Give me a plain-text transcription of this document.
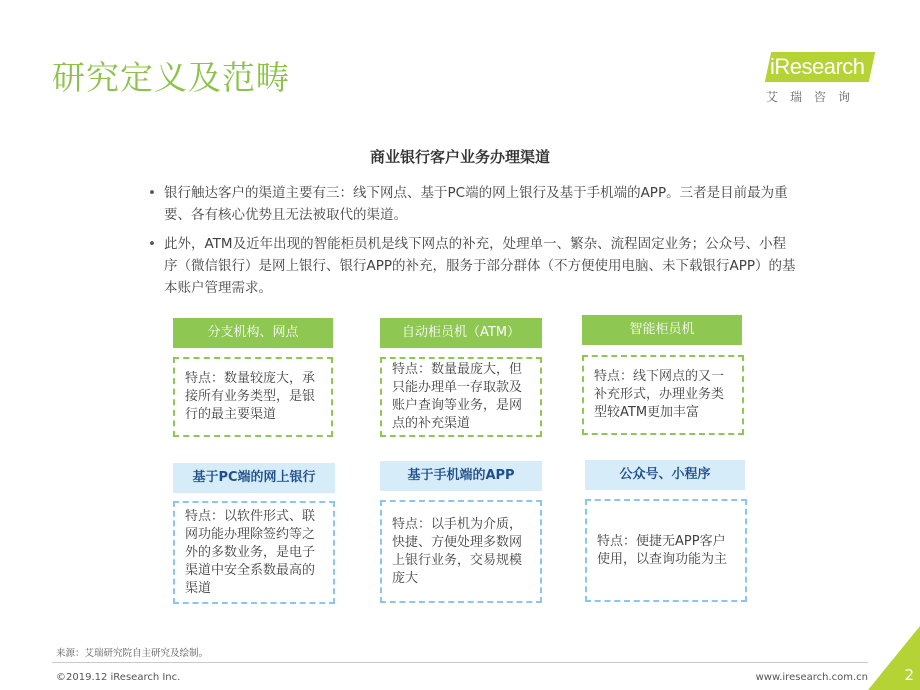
研究定义及范畴	iResearch
艾瑞咨询
商业银行客户业务办理渠道
• 银行触达客户的渠道主要有三：线下网点、基于PC端的网上银行及基于手机端的APP。三者是目前最为重要、各有核心优势且无法被取代的渠道。
• 此外，ATM及近年出现的智能柜员机是线下网点的补充，处理单一、繁杂、流程固定业务；公众号、小程序（微信银行）是网上银行、银行APP的补充，服务于部分群体（不方便使用电脑、未下载银行APP）的基本账户管理需求。
分支机构、网点
特点：数量较庞大，承接所有业务类型，是银行的最主要渠道
自动柜员机（ATM）
特点：数量最庞大，但只能办理单一存取款及账户查询等业务，是网点的补充渠道
智能柜员机
特点：线下网点的又一补充形式，办理业务类型较ATM更加丰富
基于PC端的网上银行
特点：以软件形式、联网功能办理除签约等之外的多数业务，是电子渠道中安全系数最高的渠道
基于手机端的APP
特点：以手机为介质，快捷、方便处理多数网上银行业务，交易规模庞大
公众号、小程序
特点：便捷无APP客户使用，以查询功能为主
来源：艾瑞研究院自主研究及绘制。
©2019.12 iResearch Inc.	www.iresearch.com.cn 2
